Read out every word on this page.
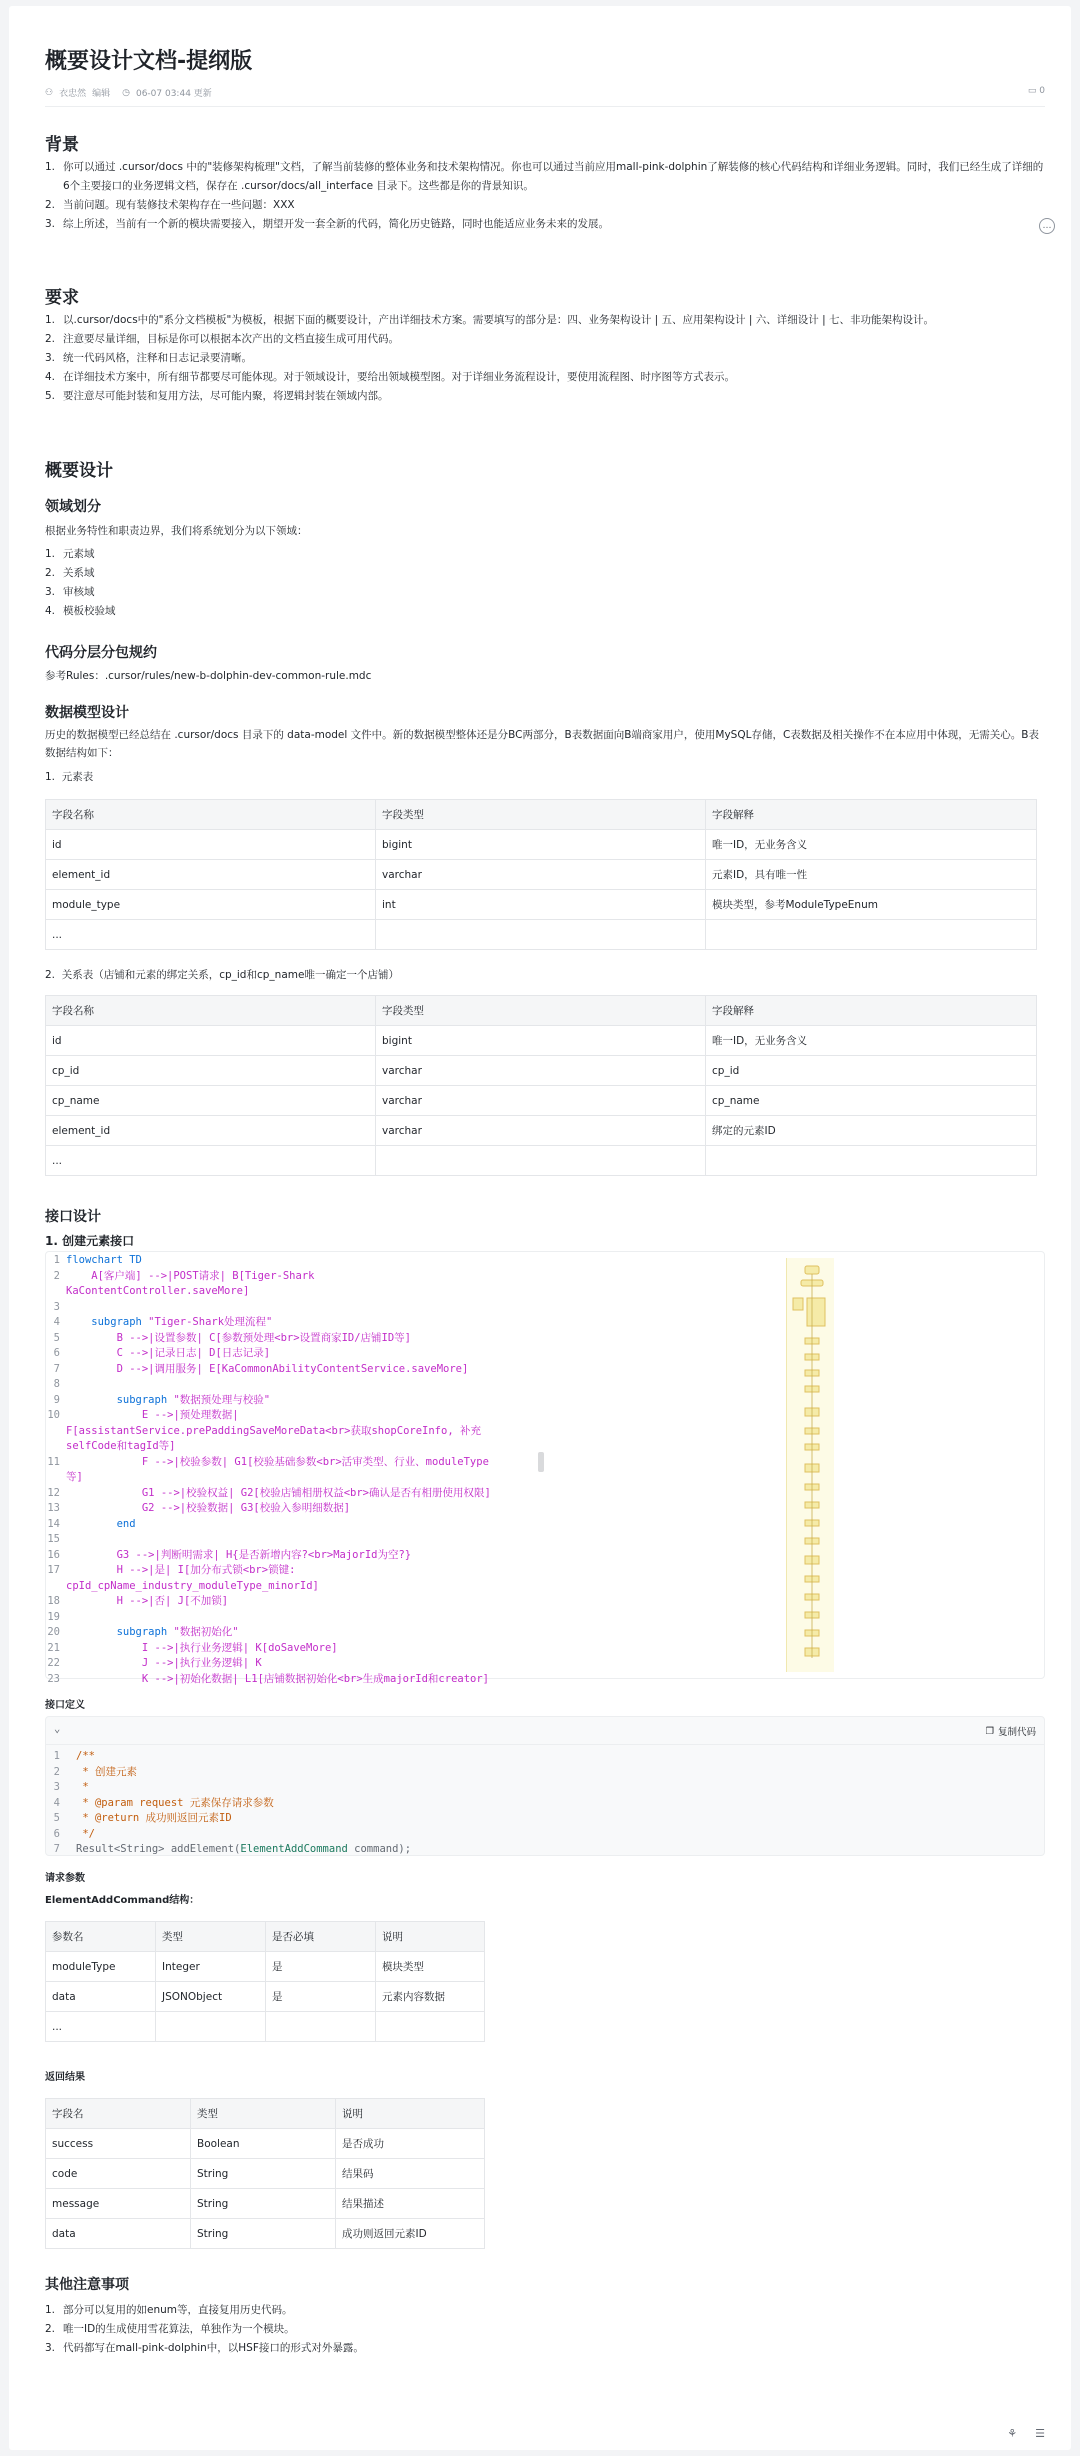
概要设计文档-提纲版
⚇ 衣忠然 编辑 ◷ 06-07 03:44 更新	▭ 0
背景
1. 你可以通过 .cursor/docs 中的"装修架构梳理"文档，了解当前装修的整体业务和技术架构情况。你也可以通过当前应用mall-pink-dolphin了解装修的核心代码结构和详细业务逻辑。同时，我们已经生成了详细的6个主要接口的业务逻辑文档，保存在 .cursor/docs/all_interface 目录下。这些都是你的背景知识。
2. 当前问题。现有装修技术架构存在一些问题：XXX
3. 综上所述，当前有一个新的模块需要接入，期望开发一套全新的代码，简化历史链路，同时也能适应业务未来的发展。
要求
1. 以.cursor/docs中的"系分文档模板"为模板，根据下面的概要设计，产出详细技术方案。需要填写的部分是：四、业务架构设计 | 五、应用架构设计 | 六、详细设计 | 七、非功能架构设计。
2. 注意要尽量详细，目标是你可以根据本次产出的文档直接生成可用代码。
3. 统一代码风格，注释和日志记录要清晰。
4. 在详细技术方案中，所有细节都要尽可能体现。对于领域设计，要给出领域模型图。对于详细业务流程设计，要使用流程图、时序图等方式表示。
5. 要注意尽可能封装和复用方法，尽可能内聚，将逻辑封装在领域内部。
概要设计
领域划分

根据业务特性和职责边界，我们将系统划分为以下领域：

1. 元素域
2. 关系域
3. 审核域
4. 模板校验域
代码分层分包规约

参考Rules：.cursor/rules/new-b-dolphin-dev-common-rule.mdc

数据模型设计

历史的数据模型已经总结在 .cursor/docs 目录下的 data-model 文件中。新的数据模型整体还是分BC两部分，B表数据面向B端商家用户，使用MySQL存储，C表数据及相关操作不在本应用中体现，无需关心。B表数据结构如下：

1.  元素表
字段名称	字段类型	字段解释
id	bigint	唯一ID，无业务含义
element_id	varchar	元素ID，具有唯一性
module_type	int	模块类型，参考ModuleTypeEnum
...		
2.  关系表（店铺和元素的绑定关系，cp_id和cp_name唯一确定一个店铺）
字段名称	字段类型	字段解释
id	bigint	唯一ID，无业务含义
cp_id	varchar	cp_id
cp_name	varchar	cp_name
element_id	varchar	绑定的元素ID
...		
接口设计
1. 创建元素接口
1 flowchart TD
2 A[客户端] -->|POST请求| B[Tiger-Shark
KaContentController.saveMore]
3
4 subgraph "Tiger-Shark处理流程"
5 B -->|设置参数| C[参数预处理<br>设置商家ID/店铺ID等]
6 C -->|记录日志| D[日志记录]
7 D -->|调用服务| E[KaCommonAbilityContentService.saveMore]
8
9 subgraph "数据预处理与校验"
10 E -->|预处理数据|
F[assistantService.prePaddingSaveMoreData<br>获取shopCoreInfo, 补充
selfCode和tagId等]
11 F -->|校验参数| G1[校验基础参数<br>活审类型、行业、moduleType
等]
12 G1 -->|校验权益| G2[校验店铺相册权益<br>确认是否有相册使用权限]
13 G2 -->|校验数据| G3[校验入参明细数据]
14 end
15
16 G3 -->|判断明需求| H{是否新增内容?<br>MajorId为空?}
17 H -->|是| I[加分布式锁<br>锁键:
cpId_cpName_industry_moduleType_minorId]
18 H -->|否| J[不加锁]
19
20 subgraph "数据初始化"
21 I -->|执行业务逻辑| K[doSaveMore]
22 J -->|执行业务逻辑| K
23 K -->|初始化数据| L1[店铺数据初始化<br>生成majorId和creator]
接口定义
⌄	❐ 复制代码
1	/**
2	* 创建元素
3	*
4	* @param request 元素保存请求参数
5	* @return 成功则返回元素ID
6	*/
7	Result<String> addElement(ElementAddCommand command);
请求参数
ElementAddCommand结构：
参数名	类型	是否必填	说明
moduleType	Integer	是	模块类型
data	JSONObject	是	元素内容数据
...			
返回结果
字段名	类型	说明
success	Boolean	是否成功
code	String	结果码
message	String	结果描述
data	String	成功则返回元素ID
其他注意事项
1. 部分可以复用的如enum等，直接复用历史代码。
2. 唯一ID的生成使用雪花算法，单独作为一个模块。
3. 代码都写在mall-pink-dolphin中，以HSF接口的形式对外暴露。
…
⚘ ☰
